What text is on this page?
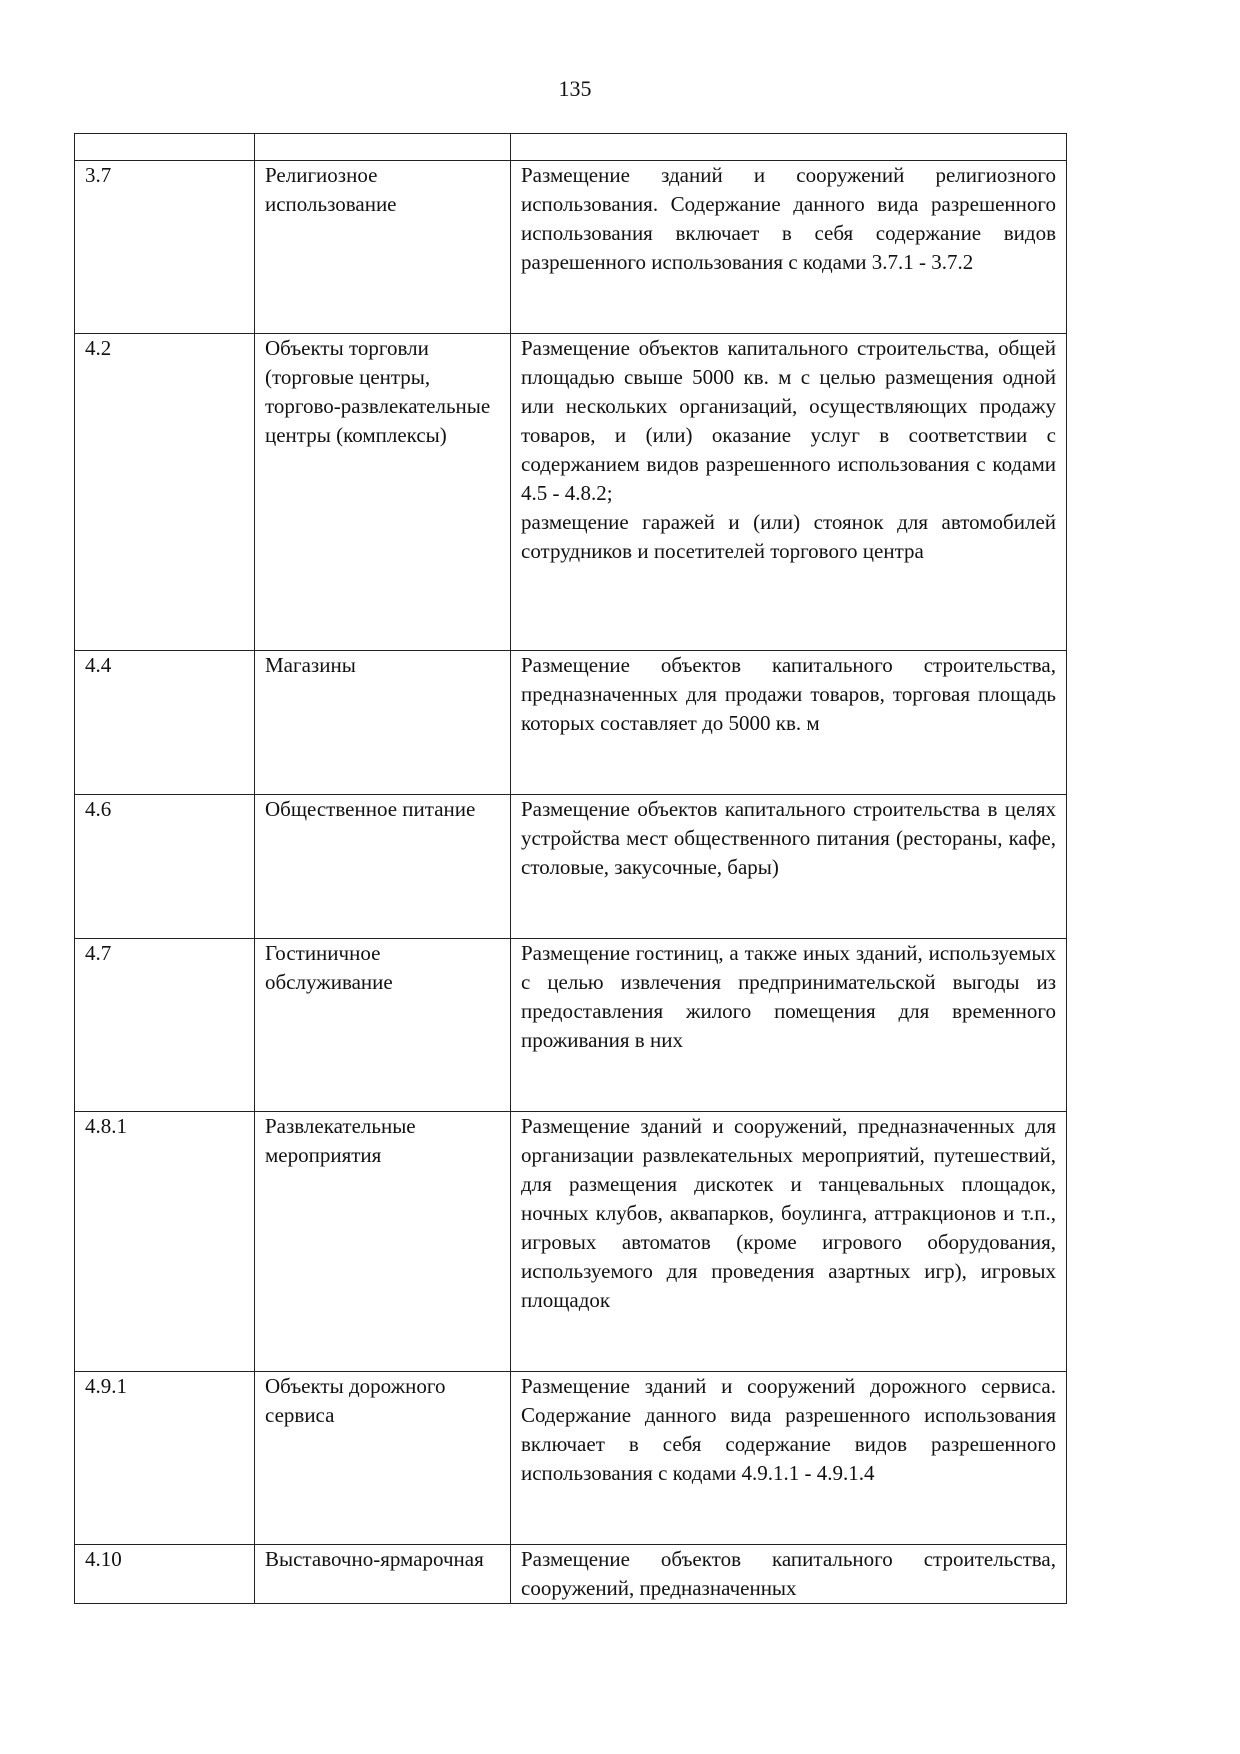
135

3.7	Религиозное использование	Размещение зданий и сооружений религиозного использования. Содержание данного вида разрешенного использования включает в себя содержание видов разрешенного использования с кодами 3.7.1 - 3.7.2
4.2	Объекты торговли (торговые центры, торгово-развлекательные центры (комплексы)	Размещение объектов капитального строительства, общей площадью свыше 5000 кв. м с целью размещения одной или нескольких организаций, осуществляющих продажу товаров, и (или) оказание услуг в соответствии с содержанием видов разрешенного использования с кодами 4.5 - 4.8.2;
размещение гаражей и (или) стоянок для автомобилей сотрудников и посетителей торгового центра

4.4	Магазины	Размещение объектов капитального строительства, предназначенных для продажи товаров, торговая площадь которых составляет до 5000 кв. м
4.6	Общественное питание	Размещение объектов капитального строительства в целях устройства мест общественного питания (рестораны, кафе, столовые, закусочные, бары)
4.7	Гостиничное обслуживание	Размещение гостиниц, а также иных зданий, используемых с целью извлечения предпринимательской выгоды из предоставления жилого помещения для временного проживания в них
4.8.1	Развлекательные мероприятия	Размещение зданий и сооружений, предназначенных для организации развлекательных мероприятий, путешествий, для размещения дискотек и танцевальных площадок, ночных клубов, аквапарков, боулинга, аттракционов и т.п., игровых автоматов (кроме игрового оборудования, используемого для проведения азартных игр), игровых площадок
4.9.1	Объекты дорожного сервиса	Размещение зданий и сооружений дорожного сервиса. Содержание данного вида разрешенного использования включает в себя содержание видов разрешенного использования с кодами 4.9.1.1 - 4.9.1.4
4.10	Выставочно-ярмарочная	Размещение объектов капитального строительства, сооружений, предназначенных
